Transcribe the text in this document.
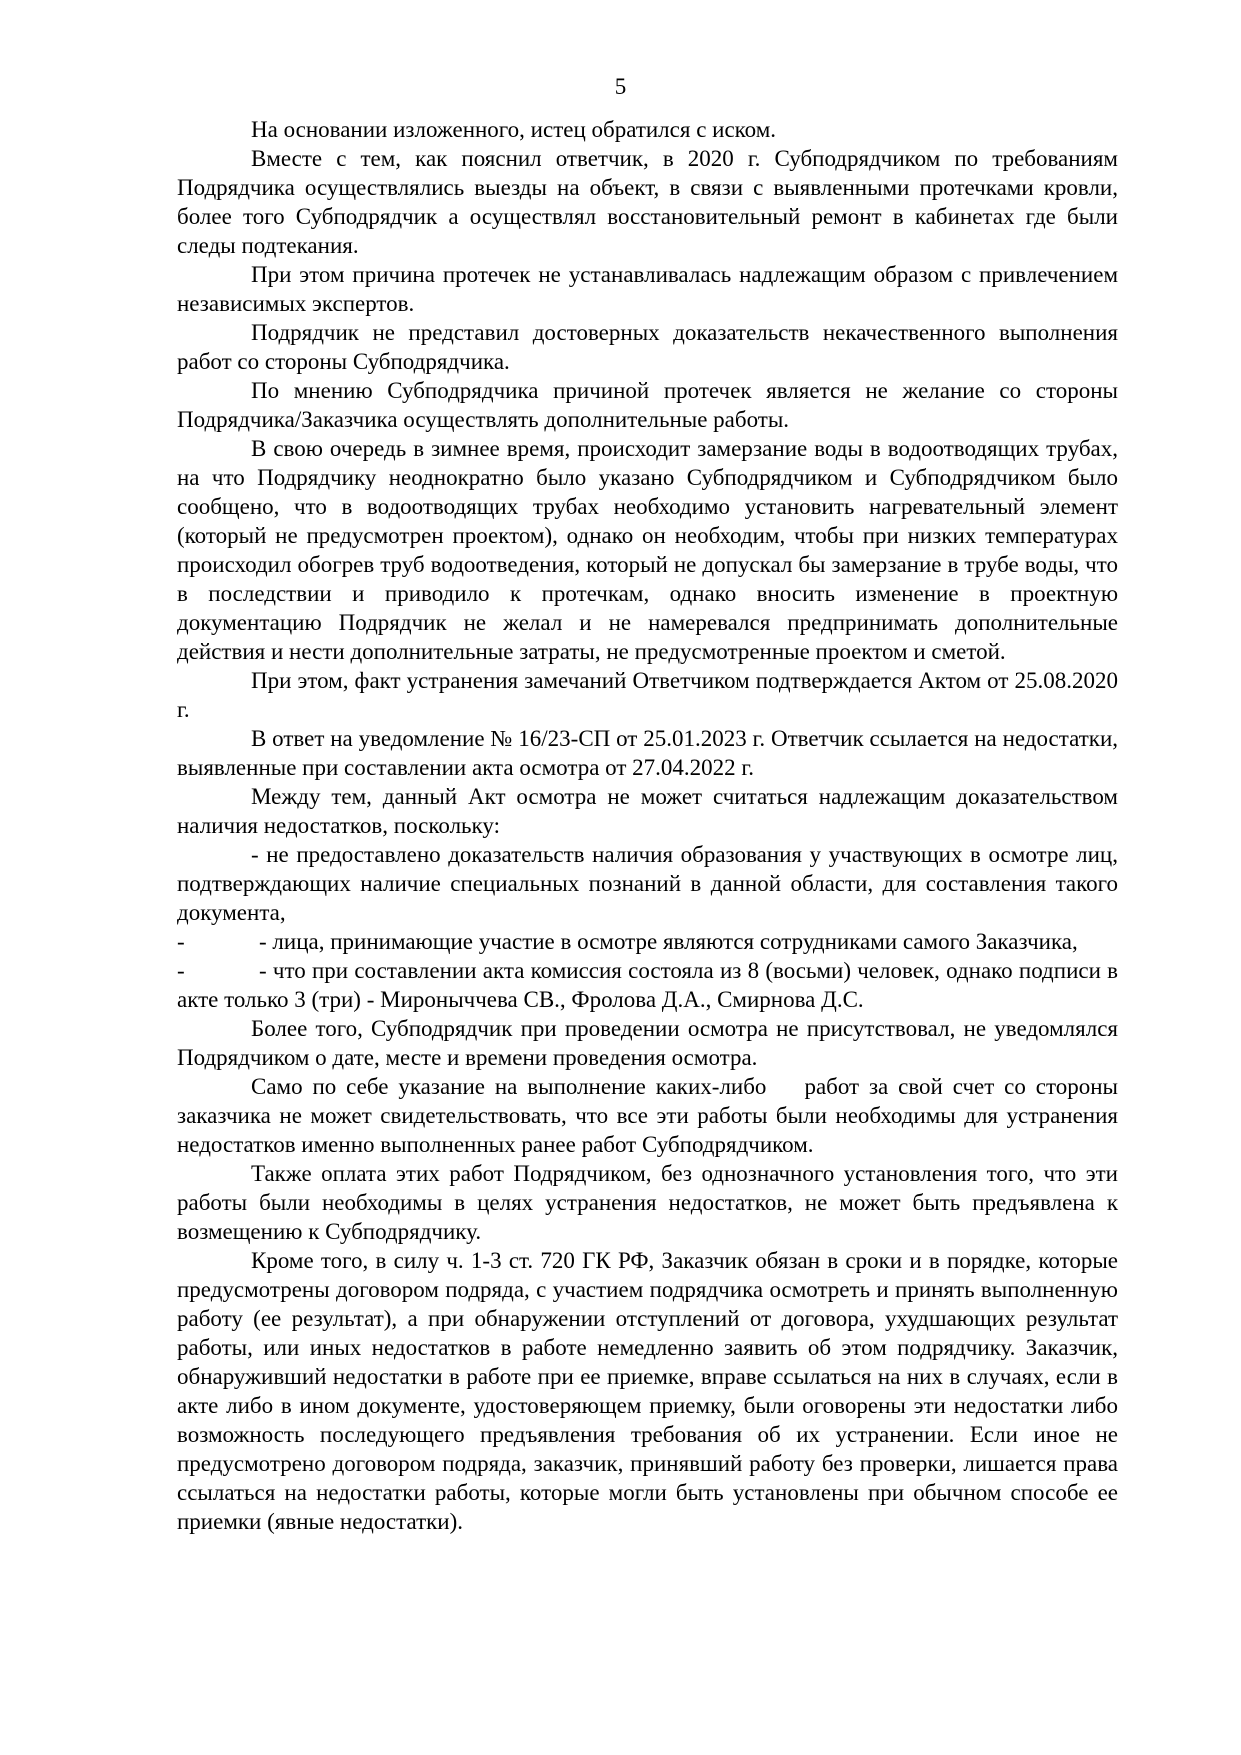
5

На основании изложенного, истец обратился с иском.

Вместе с тем, как пояснил ответчик, в 2020 г. Субподрядчиком по требованиям Подрядчика осуществлялись выезды на объект, в связи с выявленными протечками кровли, более того Субподрядчик а осуществлял восстановительный ремонт в кабинетах где были следы подтекания.

При этом причина протечек не устанавливалась надлежащим образом с привлечением независимых экспертов.

Подрядчик не представил достоверных доказательств некачественного выполнения работ со стороны Субподрядчика.

По мнению Субподрядчика причиной протечек является не желание со стороны Подрядчика/Заказчика осуществлять дополнительные работы.

В свою очередь в зимнее время, происходит замерзание воды в водоотводящих трубах, на что Подрядчику неоднократно было указано Субподрядчиком и Субподрядчиком было сообщено, что в водоотводящих трубах необходимо установить нагревательный элемент (который не предусмотрен проектом), однако он необходим, чтобы при низких температурах происходил обогрев труб водоотведения, который не допускал бы замерзание в трубе воды, что в последствии и приводило к протечкам, однако вносить изменение в проектную документацию Подрядчик не желал и не намеревался предпринимать дополнительные действия и нести дополнительные затраты, не предусмотренные проектом и сметой.

При этом, факт устранения замечаний Ответчиком подтверждается Актом от 25.08.2020 г.

В ответ на уведомление № 16/23-СП от 25.01.2023 г. Ответчик ссылается на недостатки, выявленные при составлении акта осмотра от 27.04.2022 г.

Между тем, данный Акт осмотра не может считаться надлежащим доказательством наличия недостатков, поскольку:

- не предоставлено доказательств наличия образования у участвующих в осмотре лиц, подтверждающих наличие специальных познаний в данной области, для составления такого документа,

-	- лица, принимающие участие в осмотре являются сотрудниками самого Заказчика,

-	- что при составлении акта комиссия состояла из 8 (восьми) человек, однако подписи в акте только 3 (три) - Мироныччева СВ., Фролова Д.А., Смирнова Д.С.

Более того, Субподрядчик при проведении осмотра не присутствовал, не уведомлялся Подрядчиком о дате, месте и времени проведения осмотра.

Само по себе указание на выполнение каких-либо работ за свой счет со стороны заказчика не может свидетельствовать, что все эти работы были необходимы для устранения недостатков именно выполненных ранее работ Субподрядчиком.

Также оплата этих работ Подрядчиком, без однозначного установления того, что эти работы были необходимы в целях устранения недостатков, не может быть предъявлена к возмещению к Субподрядчику.

Кроме того, в силу ч. 1-3 ст. 720 ГК РФ, Заказчик обязан в сроки и в порядке, которые предусмотрены договором подряда, с участием подрядчика осмотреть и принять выполненную работу (ее результат), а при обнаружении отступлений от договора, ухудшающих результат работы, или иных недостатков в работе немедленно заявить об этом подрядчику. Заказчик, обнаруживший недостатки в работе при ее приемке, вправе ссылаться на них в случаях, если в акте либо в ином документе, удостоверяющем приемку, были оговорены эти недостатки либо возможность последующего предъявления требования об их устранении. Если иное не предусмотрено договором подряда, заказчик, принявший работу без проверки, лишается права ссылаться на недостатки работы, которые могли быть установлены при обычном способе ее приемки (явные недостатки).
